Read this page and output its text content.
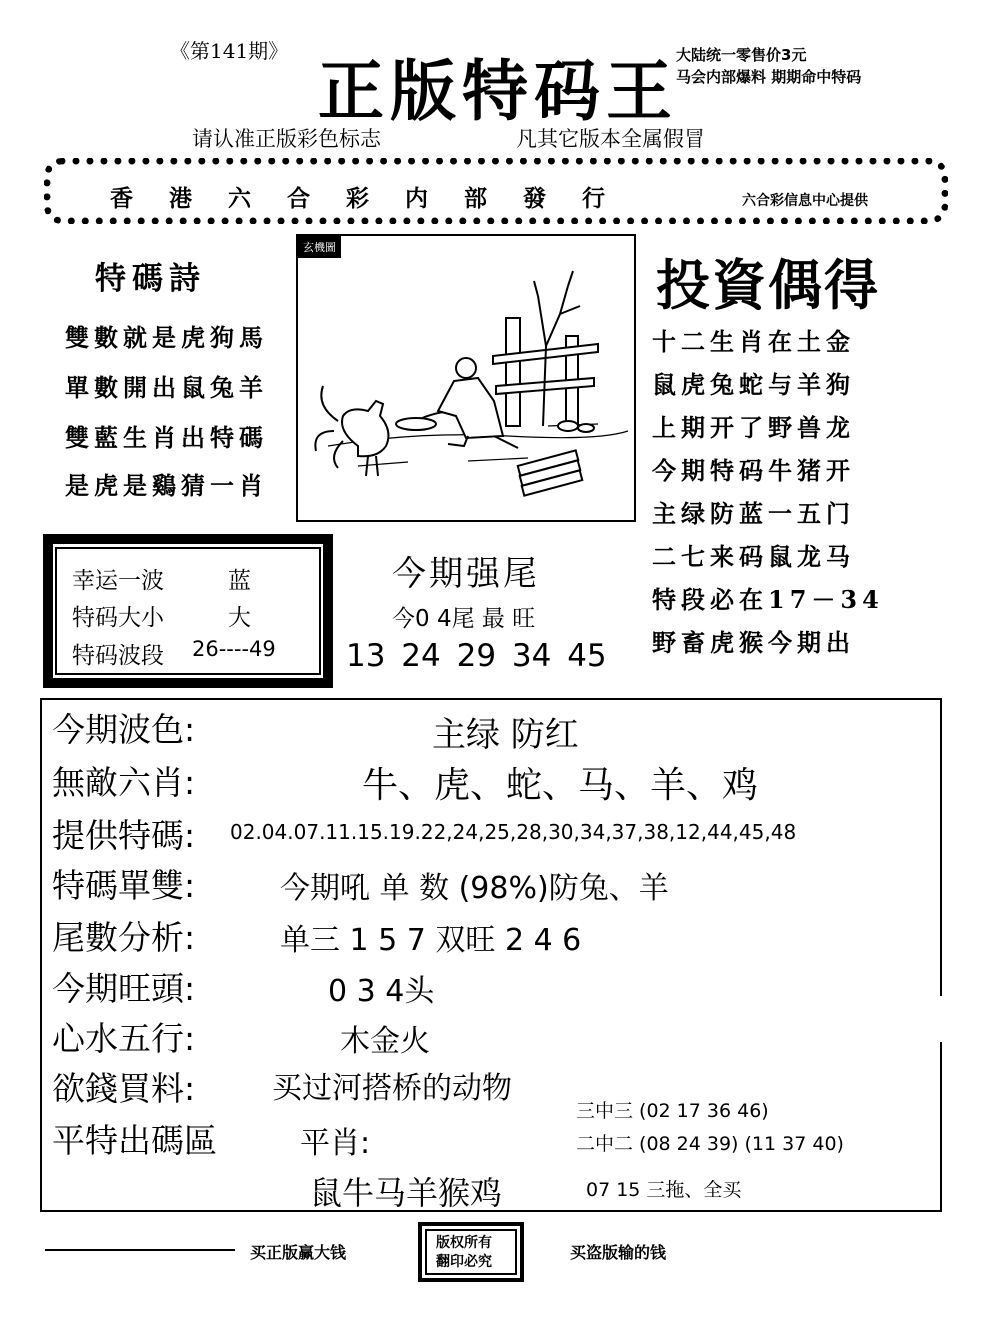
《第141期》
正版特码王
大陆统一零售价3元
马会内部爆料 期期命中特码
请认准正版彩色标志	凡其它版本全属假冒
香港六合彩内部發行	六合彩信息中心提供
特碼詩
雙數就是虎狗馬
單數開出鼠兔羊
雙藍生肖出特碼
是虎是鷄猜一肖
玄機圖
投資偶得
十二生肖在土金
鼠虎兔蛇与羊狗
上期开了野兽龙
今期特码牛猪开
主绿防蓝一五门
二七来码鼠龙马
特段必在17－34
野畜虎猴今期出
幸运一波	蓝
特码大小	大
特码波段 26----49
今期强尾
今0 4尾 最 旺
13 24 29 34 45
今期波色:	主绿 防红
無敵六肖:	牛、虎、蛇、马、羊、鸡
提供特碼: 02.04.07.11.15.19.22,24,25,28,30,34,37,38,12,44,45,48
特碼單雙:	今期吼 单 数 (98%)防兔、羊
尾數分析:	单三 1 5 7 双旺 2 4 6
今期旺頭:	0 3 4头
心水五行:	木金火
欲錢買料:	买过河搭桥的动物
平特出碼區	平肖:
鼠牛马羊猴鸡
三中三 (02 17 36 46)
二中二 (08 24 39) (11 37 40)
07 15 三拖、全买
买正版赢大钱	版权所有
翻印必究	买盗版输的钱
